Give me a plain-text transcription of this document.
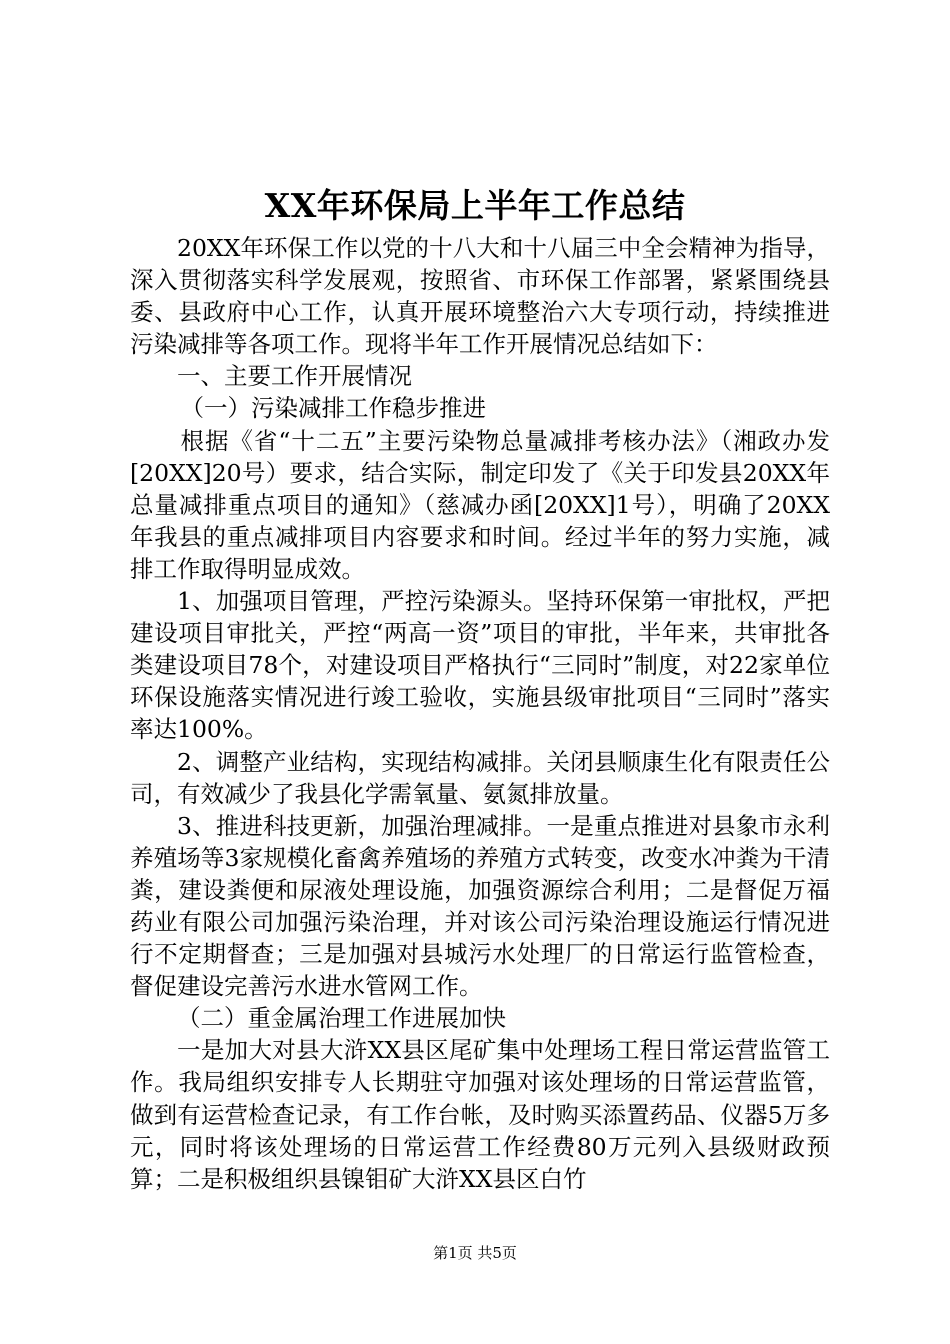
XX年环保局上半年工作总结

20XX年环保工作以党的十八大和十八届三中全会精神为指导，深入贯彻落实科学发展观，按照省、市环保工作部署，紧紧围绕县委、县政府中心工作，认真开展环境整治六大专项行动，持续推进污染减排等各项工作。现将半年工作开展情况总结如下：

一、主要工作开展情况

（一）污染减排工作稳步推进

根据《省“十二五”主要污染物总量减排考核办法》（湘政办发[20XX]20号）要求，结合实际，制定印发了《关于印发县20XX年总量减排重点项目的通知》（慈减办函[20XX]1号），明确了20XX年我县的重点减排项目内容要求和时间。经过半年的努力实施，减排工作取得明显成效。

1、加强项目管理，严控污染源头。坚持环保第一审批权，严把建设项目审批关，严控“两高一资”项目的审批，半年来，共审批各类建设项目78个，对建设项目严格执行“三同时”制度，对22家单位环保设施落实情况进行竣工验收，实施县级审批项目“三同时”落实率达100%。

2、调整产业结构，实现结构减排。关闭县顺康生化有限责任公司，有效减少了我县化学需氧量、氨氮排放量。

3、推进科技更新，加强治理减排。一是重点推进对县象市永利养殖场等3家规模化畜禽养殖场的养殖方式转变，改变水冲粪为干清粪，建设粪便和尿液处理设施，加强资源综合利用；二是督促万福药业有限公司加强污染治理，并对该公司污染治理设施运行情况进行不定期督查；三是加强对县城污水处理厂的日常运行监管检查，督促建设完善污水进水管网工作。

（二）重金属治理工作进展加快

一是加大对县大浒XX县区尾矿集中处理场工程日常运营监管工作。我局组织安排专人长期驻守加强对该处理场的日常运营监管，做到有运营检查记录，有工作台帐，及时购买添置药品、仪器5万多元，同时将该处理场的日常运营工作经费80万元列入县级财政预算；二是积极组织县镍钼矿大浒XX县区白竹

第1页 共5页
